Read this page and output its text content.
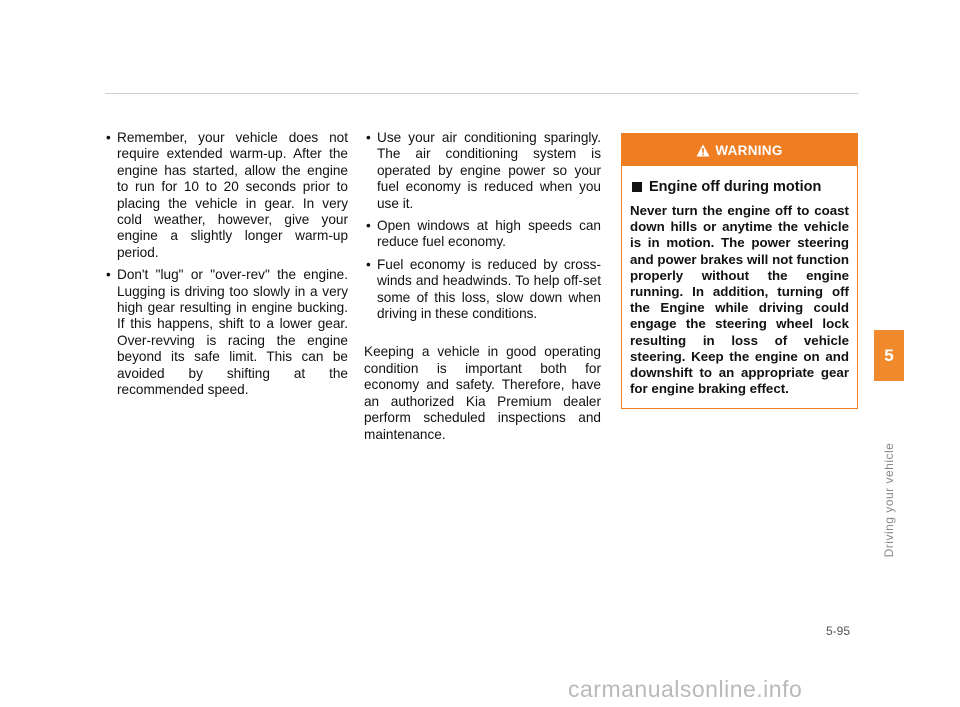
• Remember, your vehicle does not require extended warm-up. After the engine has started, allow the engine to run for 10 to 20 seconds prior to placing the vehicle in gear. In very cold weather, however, give your engine a slightly longer warm-up period.
• Don't "lug" or "over-rev" the engine. Lugging is driving too slowly in a very high gear resulting in engine bucking. If this happens, shift to a lower gear. Over-revving is racing the engine beyond its safe limit. This can be avoided by shifting at the recommended speed.
• Use your air conditioning sparingly. The air conditioning system is operated by engine power so your fuel economy is reduced when you use it.
• Open windows at high speeds can reduce fuel economy.
• Fuel economy is reduced by cross-winds and headwinds. To help off-set some of this loss, slow down when driving in these conditions.
Keeping a vehicle in good operating condition is important both for economy and safety. Therefore, have an authorized Kia Premium dealer perform scheduled inspections and maintenance.
WARNING
Engine off during motion
Never turn the engine off to coast down hills or anytime the vehicle is in motion. The power steering and power brakes will not function properly without the engine running. In addition, turning off the Engine while driving could engage the steering wheel lock resulting in loss of vehicle steering. Keep the engine on and downshift to an appropriate gear for engine braking effect.
5
Driving your vehicle
5-95
carmanualsonline.info
